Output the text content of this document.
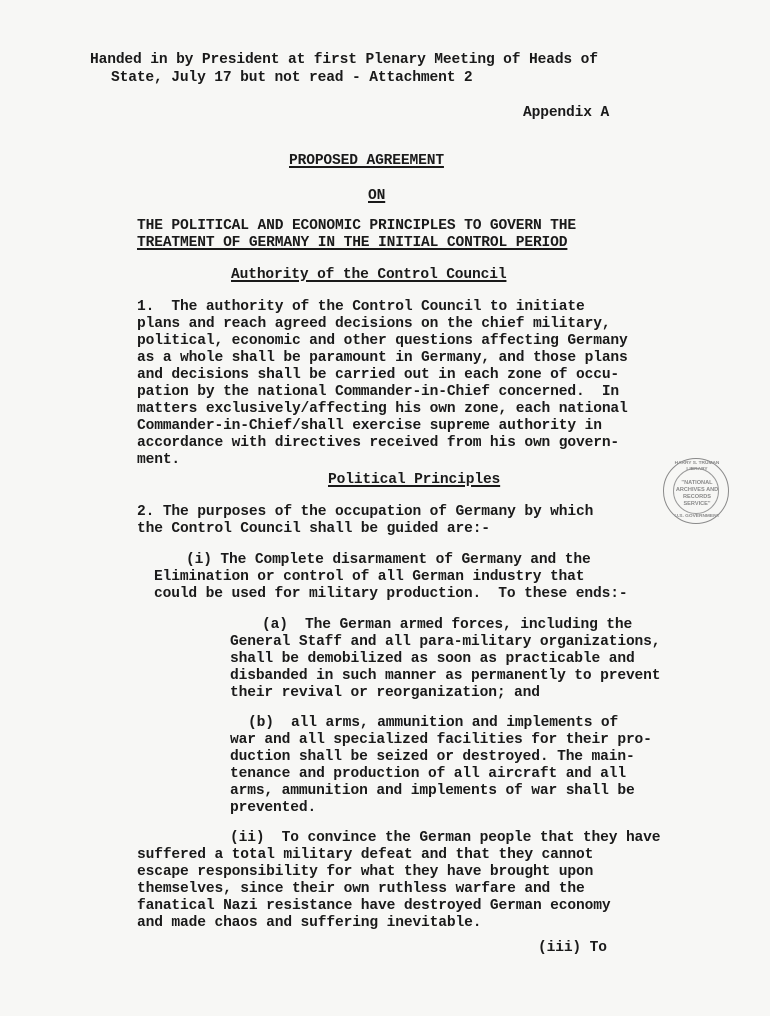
Handed in by President at first Plenary Meeting of Heads of
State, July 17 but not read - Attachment 2
Appendix A
PROPOSED AGREEMENT
ON
THE POLITICAL AND ECONOMIC PRINCIPLES TO GOVERN THE
TREATMENT OF GERMANY IN THE INITIAL CONTROL PERIOD
Authority of the Control Council
1.  The authority of the Control Council to initiate
plans and reach agreed decisions on the chief military,
political, economic and other questions affecting Germany
as a whole shall be paramount in Germany, and those plans
and decisions shall be carried out in each zone of occu-
pation by the national Commander-in-Chief concerned.  In
matters exclusively/affecting his own zone, each national
Commander-in-Chief/shall exercise supreme authority in
accordance with directives received from his own govern-
ment.
Political Principles
2. The purposes of the occupation of Germany by which
the Control Council shall be guided are:-
(i) The Complete disarmament of Germany and the
Elimination or control of all German industry that
could be used for military production.  To these ends:-
(a)  The German armed forces, including the
General Staff and all para-military organizations,
shall be demobilized as soon as practicable and
disbanded in such manner as permanently to prevent
their revival or reorganization; and
(b)  all arms, ammunition and implements of
war and all specialized facilities for their pro-
duction shall be seized or destroyed. The main-
tenance and production of all aircraft and all
arms, ammunition and implements of war shall be
prevented.
(ii)  To convince the German people that they have
suffered a total military defeat and that they cannot
escape responsibility for what they have brought upon
themselves, since their own ruthless warfare and the
fanatical Nazi resistance have destroyed German economy
and made chaos and suffering inevitable.
(iii) To
HARRY S. TRUMAN LIBRARY
"NATIONAL
ARCHIVES AND
RECORDS
SERVICE"
U.S. GOVERNMENT
